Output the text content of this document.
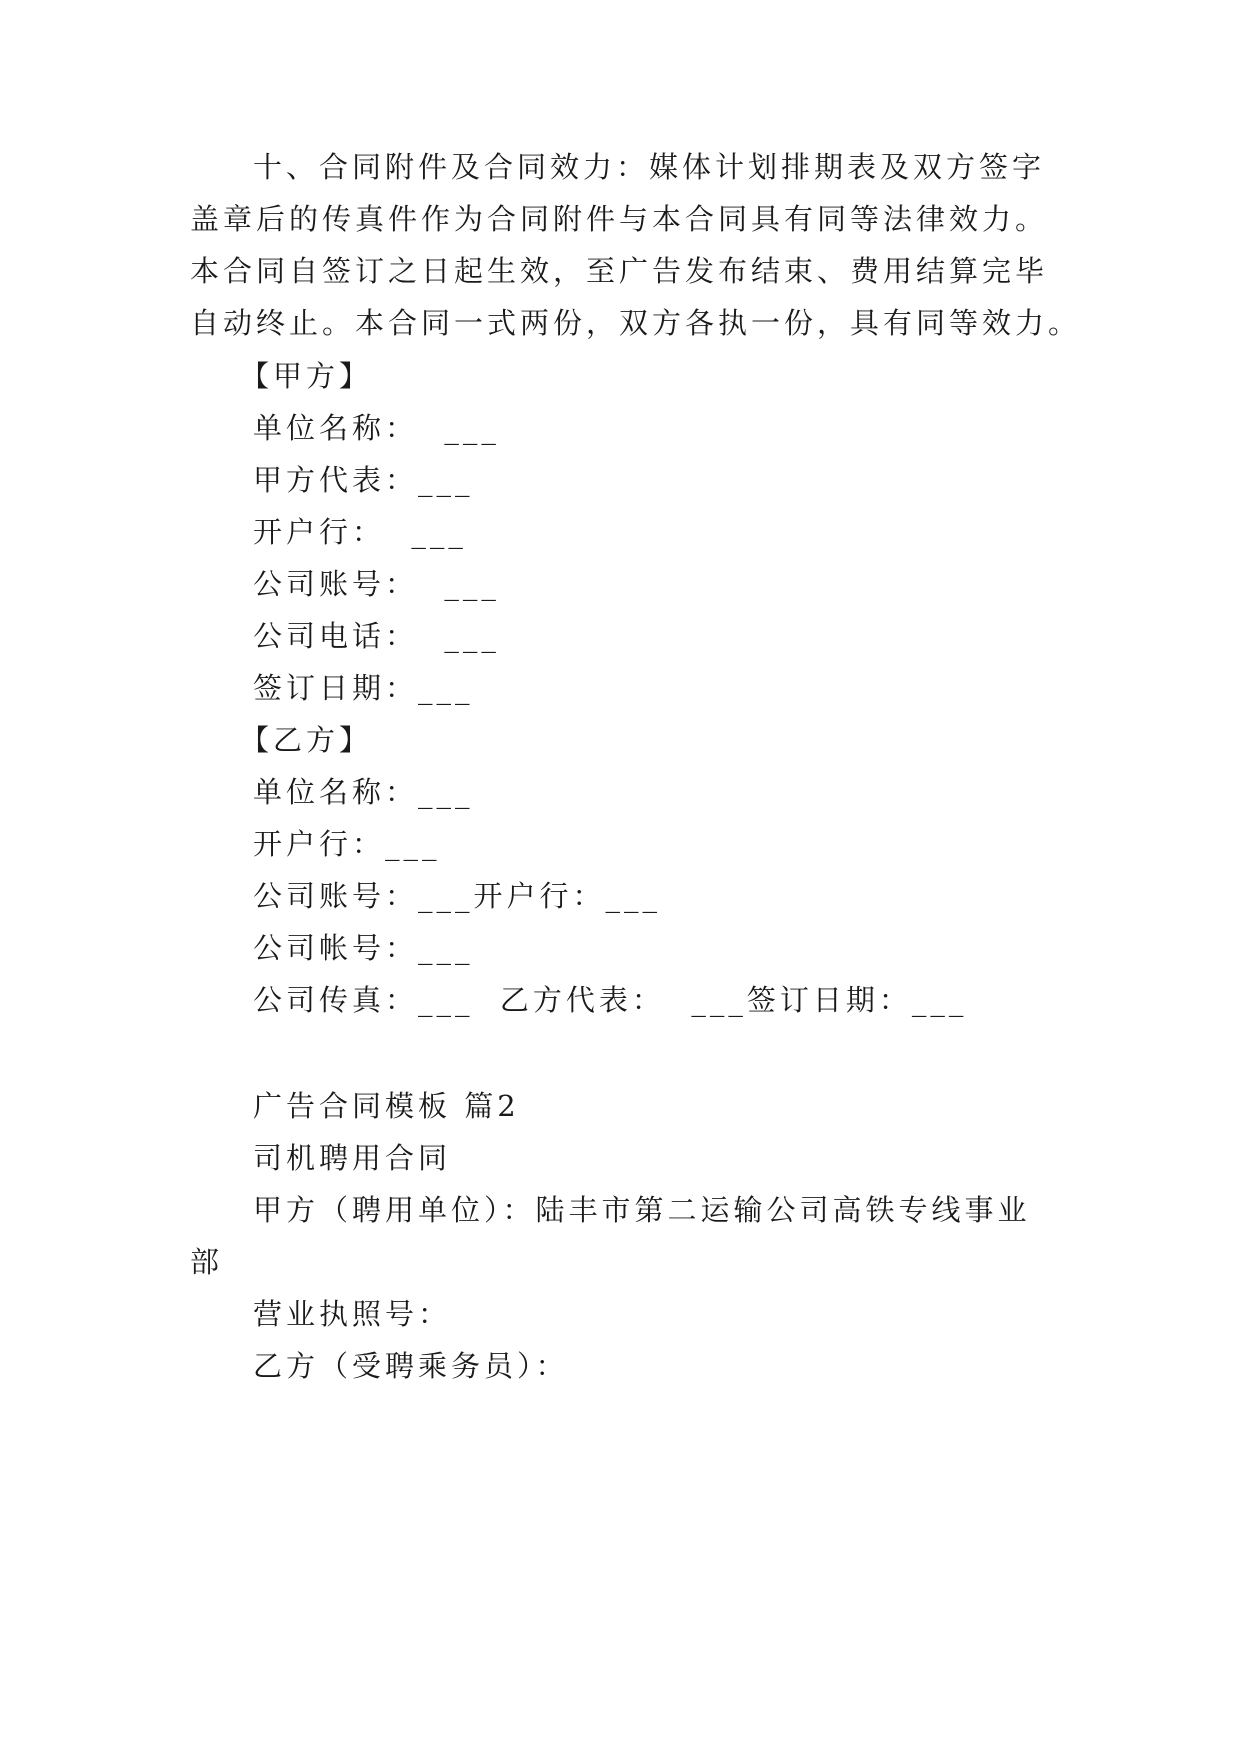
十、合同附件及合同效力：媒体计划排期表及双方签字
盖章后的传真件作为合同附件与本合同具有同等法律效力。
本合同自签订之日起生效，至广告发布结束、费用结算完毕
自动终止。本合同一式两份，双方各执一份，具有同等效力。
【甲方】
单位名称：  ___
甲方代表：___
开户行：  ___
公司账号：  ___
公司电话：  ___
签订日期：___
【乙方】
单位名称：___
开户行：___
公司账号：___开户行：___
公司帐号：___
公司传真：___  乙方代表：  ___签订日期：___
广告合同模板 篇2
司机聘用合同
甲方（聘用单位）：陆丰市第二运输公司高铁专线事业
部
营业执照号：
乙方（受聘乘务员）：
